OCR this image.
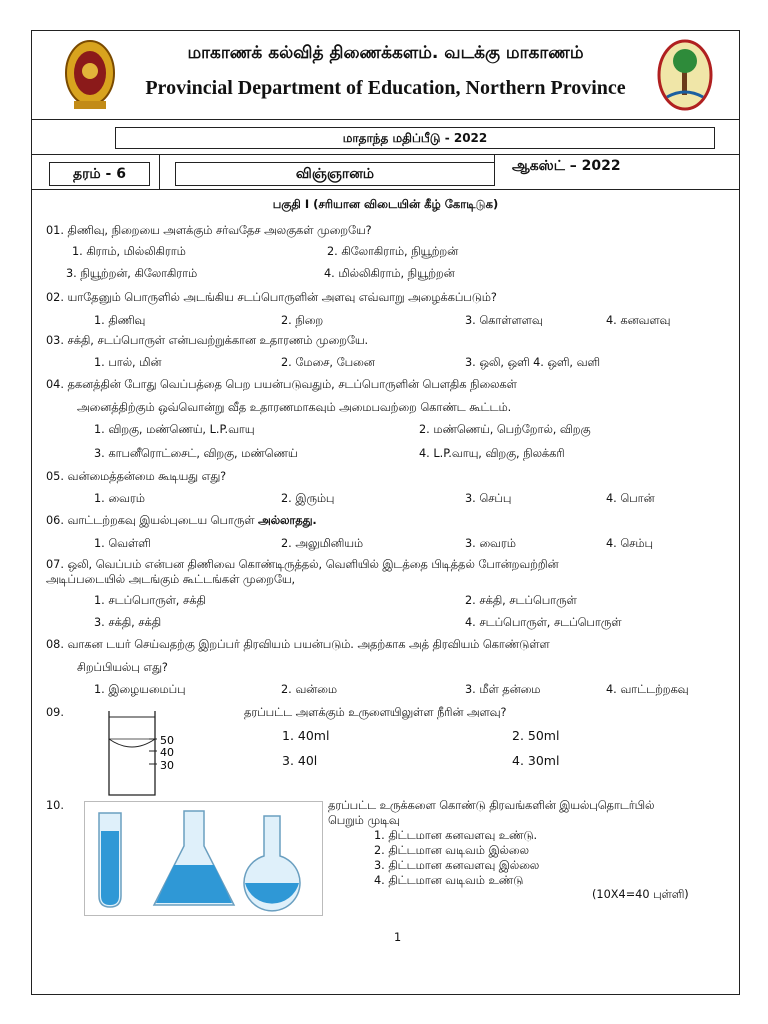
மாகாணக் கல்வித் திணைக்களம். வடக்கு மாகாணம்
Provincial Department of Education, Northern Province
மாதாந்த மதிப்பீடு - 2022
தரம் - 6	விஞ்ஞானம்	ஆகஸ்ட் – 2022
பகுதி I (சரியான விடையின் கீழ் கோடிடுக)
01. திணிவு, நிறையை அளக்கும் சர்வதேச அலகுகள் முறையே?
1. கிராம், மில்லிகிராம்	2. கிலோகிராம், நியூற்றன்
3. நியூற்றன், கிலோகிராம்	4. மில்லிகிராம், நியூற்றன்
02. யாதேனும் பொருளில் அடங்கிய சடப்பொருளின் அளவு எவ்வாறு அழைக்கப்படும்?
1. திணிவு	2. நிறை	3. கொள்ளளவு	4. கனவளவு
03. சக்தி, சடப்பொருள் என்பவற்றுக்கான உதாரணம் முறையே.
1. பால், மின்	2. மேசை, பேனை	3. ஒலி, ஒளி 4. ஒளி, வளி
04. தகனத்தின் போது வெப்பத்தை பெற பயன்படுவதும், சடப்பொருளின் பௌதிக நிலைகள்
அனைத்திற்கும் ஒவ்வொன்று வீத உதாரணமாகவும் அமைபவற்றை கொண்ட கூட்டம்.
1. விறகு, மண்ணெய், L.P.வாயு	2. மண்ணெய், பெற்றோல், விறகு
3. காபனீரொட்சைட், விறகு, மண்ணெய்	4. L.P.வாயு, விறகு, நிலக்கரி
05. வன்மைத்தன்மை கூடியது எது?
1. வைரம்	2. இரும்பு	3. செப்பு	4. பொன்
06. வாட்டற்றகவு இயல்புடைய பொருள் அல்லாதது.
1. வெள்ளி	2. அலுமினியம்	3. வைரம்	4. செம்பு
07. ஒலி, வெப்பம் என்பன திணிவை கொண்டிருத்தல், வெளியில் இடத்தை பிடித்தல் போன்றவற்றின்
அடிப்படையில் அடங்கும் கூட்டங்கள் முறையே,
1. சடப்பொருள், சக்தி	2. சக்தி, சடப்பொருள்
3. சக்தி, சக்தி	4. சடப்பொருள், சடப்பொருள்
08. வாகன டயர் செய்வதற்கு இறப்பர் திரவியம் பயன்படும். அதற்காக அத் திரவியம் கொண்டுள்ள
சிறப்பியல்பு எது?
1. இழையமைப்பு	2. வன்மை	3. மீள் தன்மை	4. வாட்டற்றகவு
09.
50
40
30
தரப்பட்ட அளக்கும் உருளையிலுள்ள நீரின் அளவு?
1. 40ml	2. 50ml
3. 40l	4. 30ml
10.	தரப்பட்ட உருக்களை கொண்டு திரவங்களின் இயல்புதொடர்பில்
பெறும் முடிவு
1. திட்டமான கனவளவு உண்டு.
2. திட்டமான வடிவம் இல்லை
3. திட்டமான கனவளவு இல்லை
4. திட்டமான வடிவம் உண்டு
(10X4=40 புள்ளி)
1
